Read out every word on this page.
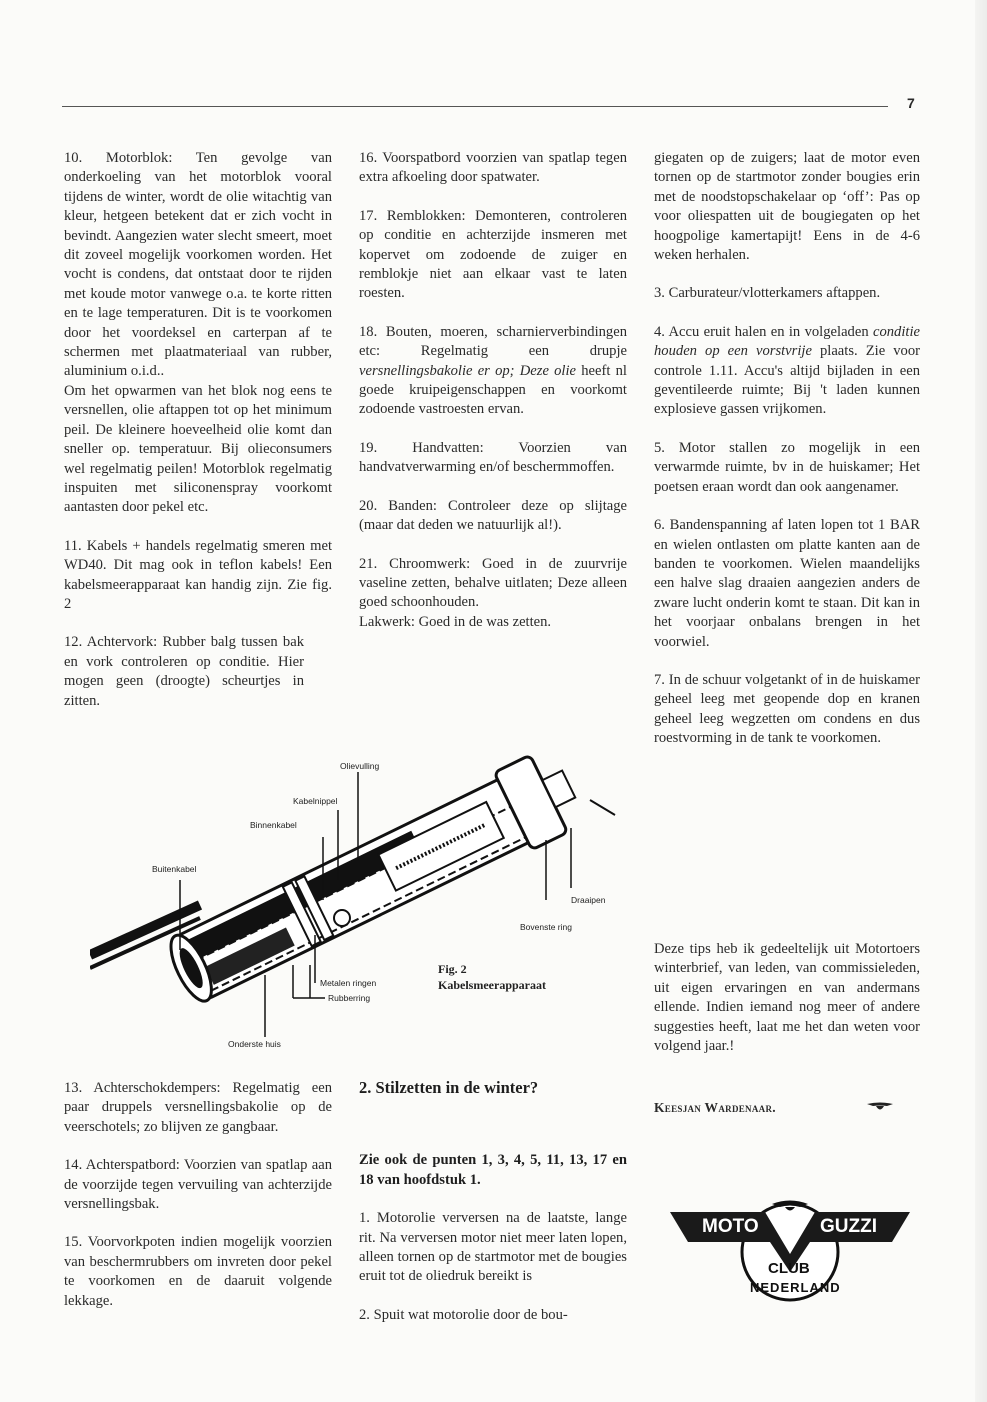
7

10. Motorblok: Ten gevolge van onderkoeling van het motorblok vooral tijdens de winter, wordt de olie witachtig van kleur, hetgeen betekent dat er zich vocht in bevindt. Aangezien water slecht smeert, moet dit zoveel mogelijk voorkomen worden. Het vocht is condens, dat ontstaat door te rijden met koude motor vanwege o.a. te korte ritten en te lage temperaturen. Dit is te voorkomen door het voordeksel en carterpan af te schermen met plaatmateriaal van rubber, aluminium o.i.d..

Om het opwarmen van het blok nog eens te versnellen, olie aftappen tot op het minimum peil. De kleinere hoeveelheid olie komt dan sneller op. temperatuur. Bij olieconsumers wel regelmatig peilen! Motorblok regelmatig inspuiten met siliconenspray voorkomt aantasten door pekel etc.

11. Kabels + handels regelmatig smeren met WD40. Dit mag ook in teflon kabels! Een kabelsmeerapparaat kan handig zijn. Zie fig. 2

12. Achtervork: Rubber balg tussen bak en vork controleren op conditie. Hier mogen geen (droogte) scheurtjes in zitten.

13. Achterschokdempers: Regelmatig een paar druppels versnellingsbakolie op de veerschotels; zo blijven ze gangbaar.

14. Achterspatbord: Voorzien van spatlap aan de voorzijde tegen vervuiling van achterzijde versnellingsbak.

15. Voorvorkpoten indien mogelijk voorzien van beschermrubbers om invreten door pekel te voorkomen en de daaruit volgende lekkage.

16. Voorspatbord voorzien van spatlap tegen extra afkoeling door spatwater.

17. Remblokken: Demonteren, controleren op conditie en achterzijde insmeren met kopervet om zodoende de zuiger en remblokje niet aan elkaar vast te laten roesten.

18. Bouten, moeren, scharnierverbindingen etc: Regelmatig een drupje versnellingsbakolie er op; Deze olie heeft nl goede kruipeigenschappen en voorkomt zodoende vastroesten ervan.

19. Handvatten: Voorzien van handvatverwarming en/of beschermmoffen.

20. Banden: Controleer deze op slijtage (maar dat deden we natuurlijk al!).

21. Chroomwerk: Goed in de zuurvrije vaseline zetten, behalve uitlaten; Deze alleen goed schoonhouden.

Lakwerk: Goed in de was zetten.

2. Stilzetten in de winter?

Zie ook de punten 1, 3, 4, 5, 11, 13, 17 en 18 van hoofdstuk 1.

1. Motorolie verversen na de laatste, lange rit. Na verversen motor niet meer laten lopen, alleen tornen op de startmotor met de bougies eruit tot de oliedruk bereikt is

2. Spuit wat motorolie door de bou-

giegaten op de zuigers; laat de motor even tornen op de startmotor zonder bougies erin met de noodstopschakelaar op ‘off’: Pas op voor oliespatten uit de bougiegaten op het hoogpolige kamertapijt! Eens in de 4-6 weken herhalen.

3. Carburateur/vlotterkamers aftappen.

4. Accu eruit halen en in volgeladen conditie houden op een vorstvrije plaats. Zie voor controle 1.11. Accu's altijd bijladen in een geventileerde ruimte; Bij 't laden kunnen explosieve gassen vrijkomen.

5. Motor stallen zo mogelijk in een verwarmde ruimte, bv in de huiskamer; Het poetsen eraan wordt dan ook aangenamer.

6. Bandenspanning af laten lopen tot 1 BAR en wielen ontlasten om platte kanten aan de banden te voorkomen. Wielen maandelijks een halve slag draaien aangezien anders de zware lucht onderin komt te staan. Dit kan in het voorjaar onbalans brengen in het voorwiel.

7. In de schuur volgetankt of in de huiskamer geheel leeg met geopende dop en kranen geheel leeg wegzetten om condens en dus roestvorming in de tank te voorkomen.

Deze tips heb ik gedeeltelijk uit Motortoers winterbrief, van leden, van commissieleden, uit eigen ervaringen en van andermans ellende. Indien iemand nog meer of andere suggesties heeft, laat me het dan weten voor volgend jaar.!

Keesjan Wardenaar.
Olievulling
Kabelnippel
Binnenkabel
Buitenkabel
Draaipen
Bovenste ring
Metalen ringen
Rubberring
Onderste huis
Fig. 2
Kabelsmeerapparaat
MOTO	GUZZI
CLUB
NEDERLAND
